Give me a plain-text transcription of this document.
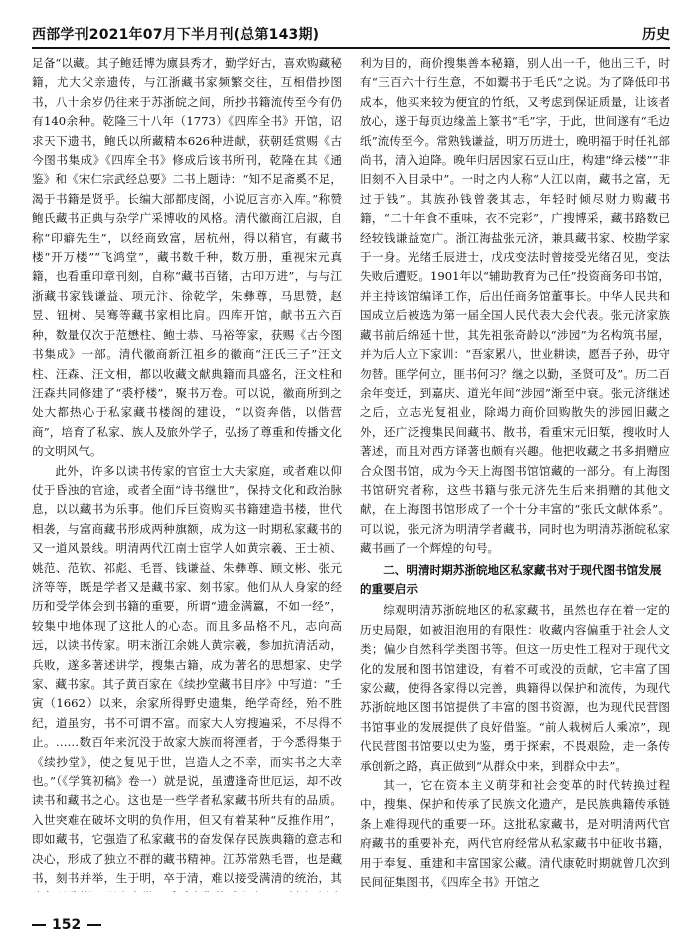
西部学刊2021年07月下半月刊(总第143期)	历史

足备“以藏。其子鲍廷博为廪县秀才，勤学好古，喜欢购藏秘籍，尤大父亲遗传，与江浙藏书家频繁交往，互相借抄图书，八十余岁仍往来于苏浙皖之间，所抄书籍流传至今有仍有140余种。乾隆三十八年（1773）《四库全书》开馆，诏求天下遗书，鲍氏以所藏精本626种进献，获朝廷赏赐《古今图书集成》《四库全书》修成后该书所刊，乾隆在其《通鉴》和《宋仁宗武经总要》二书上题诗：“知不足斋奚不足，渴于书籍是贤乎。长编大部都庋阁，小说厄言亦入库。”称赞鲍氏藏书正典与杂学广采博收的风格。清代徽商江启淑，自称“印癖先生”，以经商致富，居杭州，得以稍官，有藏书楼“开万楼”“飞鸿堂”，藏书数千种，数万册，重视宋元真籍，也看重印章刊刻，自称“藏书百锗，古印万进”，与与江浙藏书家钱谦益、项元汴、徐乾学，朱彝尊，马思赞，赵昱、钮树、吴骞等藏书家相比肩。四库开馆，献书五六百种，数量仅次于范懋柱、鲍士恭、马裕等家，获赐《古今图书集成》一部。清代徽商新江祖乡的徽商“汪氏三子”汪文柱、汪森、汪文相，都以收藏文献典籍而具盛名，汪文柱和汪森共同修建了“裘杼楼”，聚书万卷。可以说，徽商所到之处大都热心于私家藏书楼阁的建设，“以资奔偕，以偕营商”，培育了私家、族人及旅外学子，弘扬了尊重和传播文化的文明风气。

此外，许多以读书传家的官宦士大夫家庭，或者难以仰仗于昏浊的官途，或者全面“诗书继世”，保持文化和政治脉息，以以藏书为乐事。他们斥巨资购买书籍建造书楼，世代相袭，与富商藏书形成两种旗额，成为这一时期私家藏书的又一道风景线。明清两代江南士宦学人如黄宗羲、王士祯、姚范、范钦、祁彪、毛晋、钱谦益、朱彝尊、顾文彬、张元济等等，既是学者又是藏书家、刻书家。他们从人身家的经历和受学体会到书籍的重要，所谓“遗金满籝，不如一经”，较集中地体现了这批人的心态。而且多品格不凡，志向高远，以读书传家。明末浙江余姚人黄宗羲，参加抗清活动，兵败，遂多著述讲学，搜集古籍，成为著名的思想家、史学家、藏书家。其子黄百家在《续抄堂藏书目序》中写道：“壬寅（1662）以来，余家所得野史遗集，绝学奇经，殆不胜纪，道虽穷，书不可谓不富。而家大人穷搜遍采，不尽得不止。……数百年来沉没于故家大族而将湮者，于今悉得集于《续抄堂》，使之复见于世，岂造人之不幸，而实书之大幸也。”（《学箕初稿》卷一）就是说，虽遭逢奇世厄运，却不改读书和藏书之心。这也是一些学者私家藏书所共有的品质。入世突难在破坏文明的负作用，但又有着某种“反推作用”，即如藏书，它强造了私家藏书的奋发保存民族典籍的意志和决心，形成了独立不群的藏书精神。江苏常熟毛晋，也是藏书，刻书并举，生于明，卒于清，难以接受满清的统治，其

利为目的，商价搜集善本秘籍，别人出一千，他出三千，时有“三百六十行生意，不如鬻书于毛氏”之说。为了降低印书成本，他买来较为便宜的竹纸，又考虑到保证质量，让该者放心，遂于每页边缘盖上篆书“毛”字，于此，世间遂有“毛边纸”流传至今。常熟钱谦益，明万历进士，晚明福于时任礼部尚书，清入迫降。晚年归居因家石豆山庄，构建“绛云楼”“非旧刻不入目录中”。一时之内人称“人江以南，藏书之富，无过于钱”。其族孙钱曾袭其志，年轻时倾尽财力购藏书籍，“二十年食不重味，衣不完彩”，广搜博采，藏书路数已经较钱谦益宽广。浙江海盐张元济，兼具藏书家、校勘学家于一身。光绪壬辰进士，戊戌变法时曾接受光绪召见，变法失败后遭贬。1901年以“辅助教育为己任”投资商务印书馆，并主持该馆编译工作，后出任商务馆董事长。中华人民共和国成立后被选为第一届全国人民代表大会代表。张元济家族藏书前后绵延十世，其先祖张奇龄以“涉园”为名构筑书屋，并为后人立下家训：“吾家累八，世业耕读，愿吾子孙，毋守勿替。匪学何立，匪书何习？继之以勤，圣贤可及”。历二百余年变迁，到嘉庆、道光年间“涉园”渐至中衰。张元济继述之后，立志光复祖业，除竭力商价回购散失的涉园旧藏之外，还广泛搜集民间藏书、散书，看重宋元旧椠，搜收时人著述，而且对西方译著也颇有兴趣。他把收藏之书多捐赠应合众图书馆，成为今天上海图书馆馆藏的一部分。有上海图书馆研究者称，这些书籍与张元济先生后来捐赠的其他文献，在上海图书馆形成了一个十分丰富的“张氏文献体系”。可以说，张元济为明清学者藏书，同时也为明清苏浙皖私家藏书画了一个辉煌的句号。

二、明清时期苏浙皖地区私家藏书对于现代图书馆发展的重要启示

综观明清苏浙皖地区的私家藏书，虽然也存在着一定的历史局限，如被泪泡用的有限性：收藏内容偏重于社会人文类；偏少自然科学类图书等。但这一历史性工程对于现代文化的发展和图书馆建设，有着不可或没的贡献，它丰富了国家公藏，使得各家得以完善，典籍得以保护和流传，为现代苏浙皖地区图书馆提供了丰富的图书资源，也为现代民营图书馆事业的发展提供了良好借鉴。“前人栽树后人乘凉”，现代民营图书馆要以史为鉴，勇于探索，不畏艰险，走一条传承创新之路，真正做到“从群众中来，到群众中去”。

其一，它在资本主义萌芽和社会变革的时代转换过程中，搜集、保护和传承了民族文化遗产，是民族典籍传承链条上难得现代的重要一环。这批私家藏书，是对明清两代官府藏书的重要补充，两代官府经常从私家藏书中征收书籍，用于奉复、重建和丰富国家公藏。清代康乾时期就曾几次到民间征集图书，《四库全书》开馆之

152
